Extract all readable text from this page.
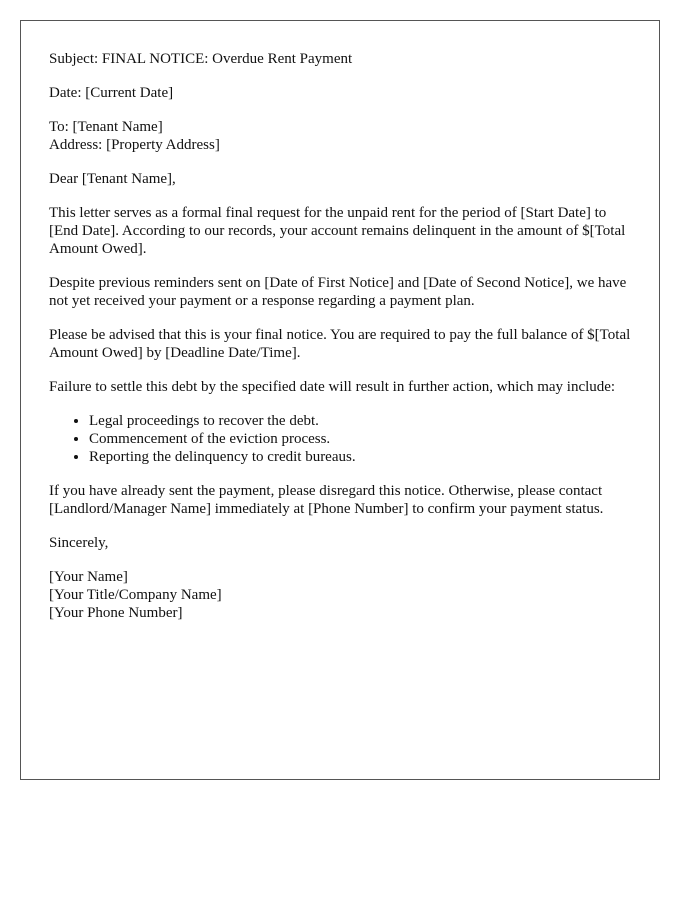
Subject: FINAL NOTICE: Overdue Rent Payment

Date: [Current Date]

To: [Tenant Name]
Address: [Property Address]

Dear [Tenant Name],

This letter serves as a formal final request for the unpaid rent for the period of [Start Date] to [End Date]. According to our records, your account remains delinquent in the amount of $[Total Amount Owed].

Despite previous reminders sent on [Date of First Notice] and [Date of Second Notice], we have not yet received your payment or a response regarding a payment plan.

Please be advised that this is your final notice. You are required to pay the full balance of $[Total Amount Owed] by [Deadline Date/Time].

Failure to settle this debt by the specified date will result in further action, which may include:

• Legal proceedings to recover the debt.
• Commencement of the eviction process.
• Reporting the delinquency to credit bureaus.

If you have already sent the payment, please disregard this notice. Otherwise, please contact [Landlord/Manager Name] immediately at [Phone Number] to confirm your payment status.

Sincerely,

[Your Name]
[Your Title/Company Name]
[Your Phone Number]
